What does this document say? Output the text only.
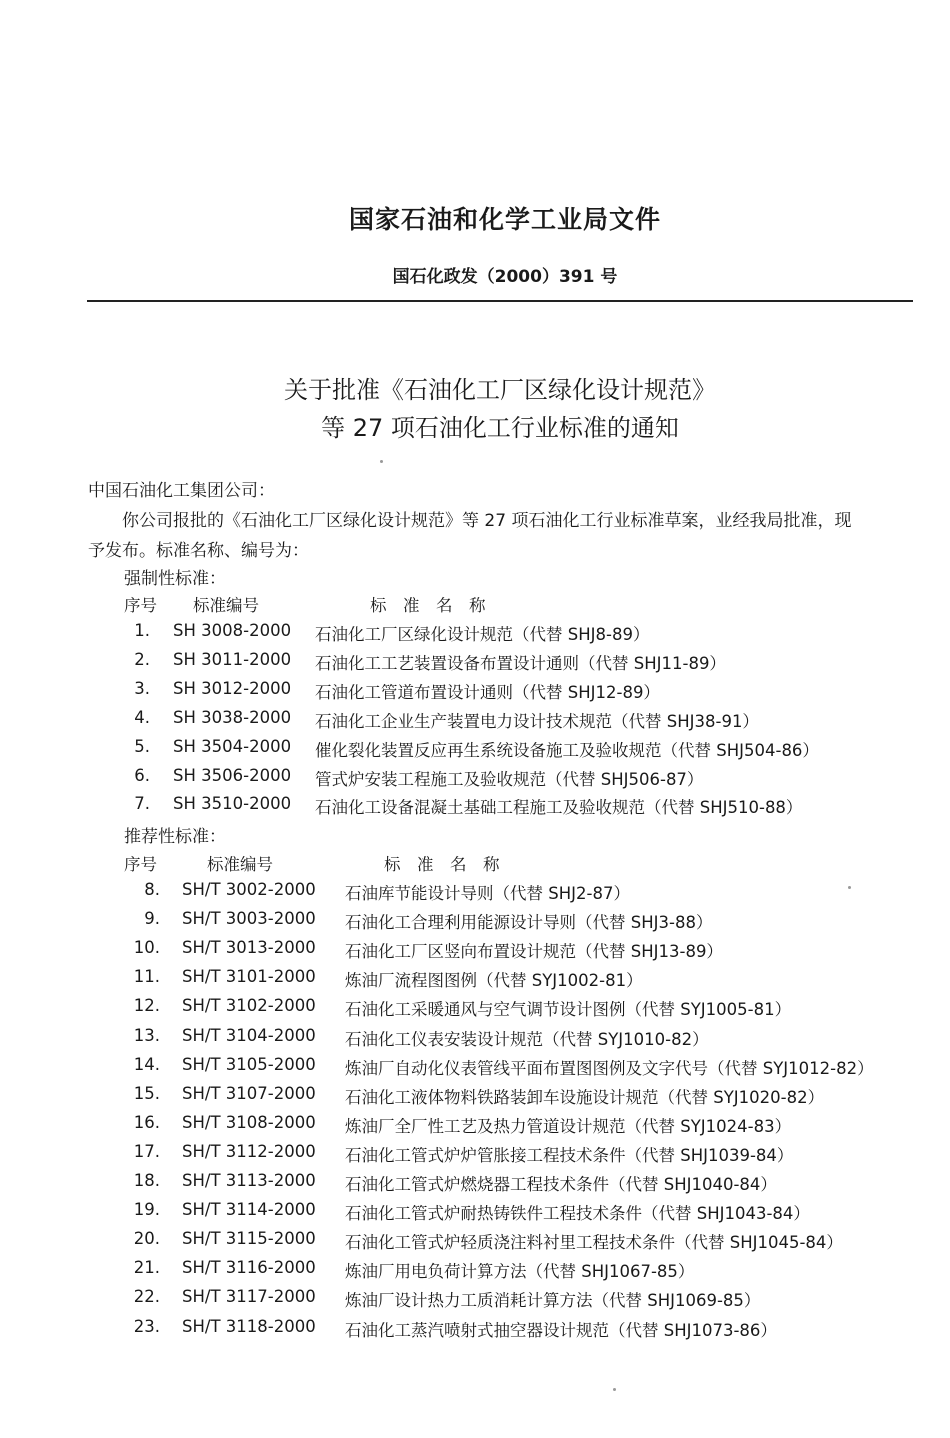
国家石油和化学工业局文件
国石化政发（2000）391 号
关于批准《石油化工厂区绿化设计规范》
等 27 项石油化工行业标准的通知
中国石油化工集团公司：
你公司报批的《石油化工厂区绿化设计规范》等 27 项石油化工行业标准草案，业经我局批准，现
予发布。标准名称、编号为：
强制性标准：
序号 标准编号	标　准　名　称
1. SH 3008-2000 石油化工厂区绿化设计规范（代替 SHJ8-89）
2. SH 3011-2000 石油化工工艺装置设备布置设计通则（代替 SHJ11-89）
3. SH 3012-2000 石油化工管道布置设计通则（代替 SHJ12-89）
4. SH 3038-2000 石油化工企业生产装置电力设计技术规范（代替 SHJ38-91）
5. SH 3504-2000 催化裂化装置反应再生系统设备施工及验收规范（代替 SHJ504-86）
6. SH 3506-2000 管式炉安装工程施工及验收规范（代替 SHJ506-87）
7. SH 3510-2000 石油化工设备混凝土基础工程施工及验收规范（代替 SHJ510-88）
推荐性标准：
序号	标准编号	标　准　名　称
8. SH/T 3002-2000 石油库节能设计导则（代替 SHJ2-87）
9. SH/T 3003-2000 石油化工合理利用能源设计导则（代替 SHJ3-88）
10. SH/T 3013-2000 石油化工厂区竖向布置设计规范（代替 SHJ13-89）
11. SH/T 3101-2000 炼油厂流程图图例（代替 SYJ1002-81）
12. SH/T 3102-2000 石油化工采暖通风与空气调节设计图例（代替 SYJ1005-81）
13. SH/T 3104-2000 石油化工仪表安装设计规范（代替 SYJ1010-82）
14. SH/T 3105-2000 炼油厂自动化仪表管线平面布置图图例及文字代号（代替 SYJ1012-82）
15. SH/T 3107-2000 石油化工液体物料铁路装卸车设施设计规范（代替 SYJ1020-82）
16. SH/T 3108-2000 炼油厂全厂性工艺及热力管道设计规范（代替 SYJ1024-83）
17. SH/T 3112-2000 石油化工管式炉炉管胀接工程技术条件（代替 SHJ1039-84）
18. SH/T 3113-2000 石油化工管式炉燃烧器工程技术条件（代替 SHJ1040-84）
19. SH/T 3114-2000 石油化工管式炉耐热铸铁件工程技术条件（代替 SHJ1043-84）
20. SH/T 3115-2000 石油化工管式炉轻质浇注料衬里工程技术条件（代替 SHJ1045-84）
21. SH/T 3116-2000 炼油厂用电负荷计算方法（代替 SHJ1067-85）
22. SH/T 3117-2000 炼油厂设计热力工质消耗计算方法（代替 SHJ1069-85）
23. SH/T 3118-2000 石油化工蒸汽喷射式抽空器设计规范（代替 SHJ1073-86）
